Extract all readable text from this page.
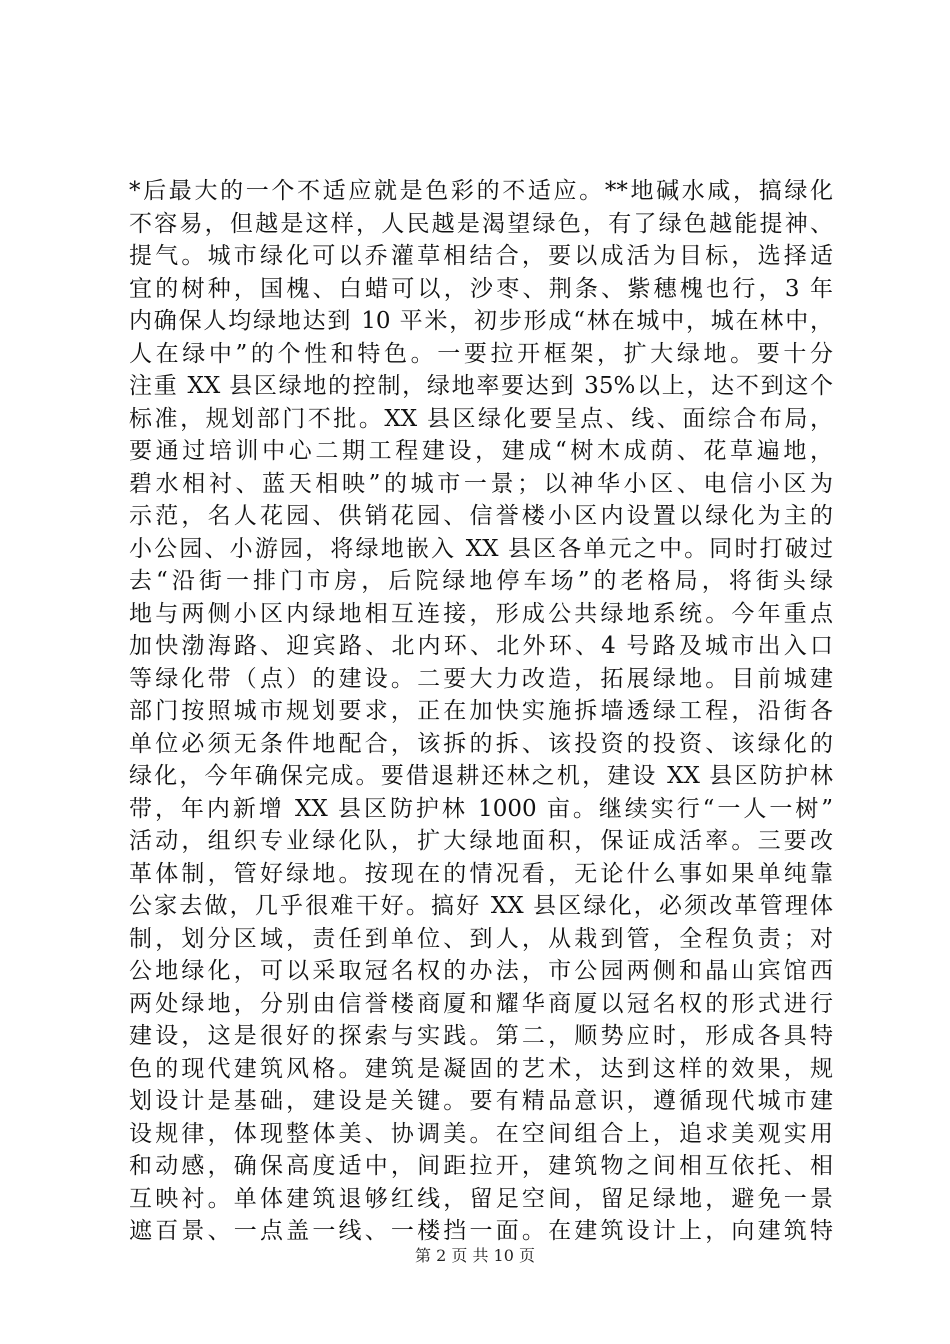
*后最大的一个不适应就是色彩的不适应。**地碱水咸，搞绿化
不容易，但越是这样，人民越是渴望绿色，有了绿色越能提神、
提气。城市绿化可以乔灌草相结合，要以成活为目标，选择适
宜的树种，国槐、白蜡可以，沙枣、荆条、紫穗槐也行，3 年
内确保人均绿地达到 10 平米，初步形成“林在城中，城在林中，
人在绿中”的个性和特色。一要拉开框架，扩大绿地。要十分
注重 XX 县区绿地的控制，绿地率要达到 35%以上，达不到这个
标准，规划部门不批。XX 县区绿化要呈点、线、面综合布局，
要通过培训中心二期工程建设，建成“树木成荫、花草遍地，
碧水相衬、蓝天相映”的城市一景；以神华小区、电信小区为
示范，名人花园、供销花园、信誉楼小区内设置以绿化为主的
小公园、小游园，将绿地嵌入 XX 县区各单元之中。同时打破过
去“沿街一排门市房，后院绿地停车场”的老格局，将街头绿
地与两侧小区内绿地相互连接，形成公共绿地系统。今年重点
加快渤海路、迎宾路、北内环、北外环、4 号路及城市出入口
等绿化带（点）的建设。二要大力改造，拓展绿地。目前城建
部门按照城市规划要求，正在加快实施拆墙透绿工程，沿街各
单位必须无条件地配合，该拆的拆、该投资的投资、该绿化的
绿化，今年确保完成。要借退耕还林之机，建设 XX 县区防护林
带，年内新增 XX 县区防护林 1000 亩。继续实行“一人一树”
活动，组织专业绿化队，扩大绿地面积，保证成活率。三要改
革体制，管好绿地。按现在的情况看，无论什么事如果单纯靠
公家去做，几乎很难干好。搞好 XX 县区绿化，必须改革管理体
制，划分区域，责任到单位、到人，从栽到管，全程负责；对
公地绿化，可以采取冠名权的办法，市公园两侧和晶山宾馆西
两处绿地，分别由信誉楼商厦和耀华商厦以冠名权的形式进行
建设，这是很好的探索与实践。第二，顺势应时，形成各具特
色的现代建筑风格。建筑是凝固的艺术，达到这样的效果，规
划设计是基础，建设是关键。要有精品意识，遵循现代城市建
设规律，体现整体美、协调美。在空间组合上，追求美观实用
和动感，确保高度适中，间距拉开，建筑物之间相互依托、相
互映衬。单体建筑退够红线，留足空间，留足绿地，避免一景
遮百景、一点盖一线、一楼挡一面。在建筑设计上，向建筑特
第 2 页 共 10 页
